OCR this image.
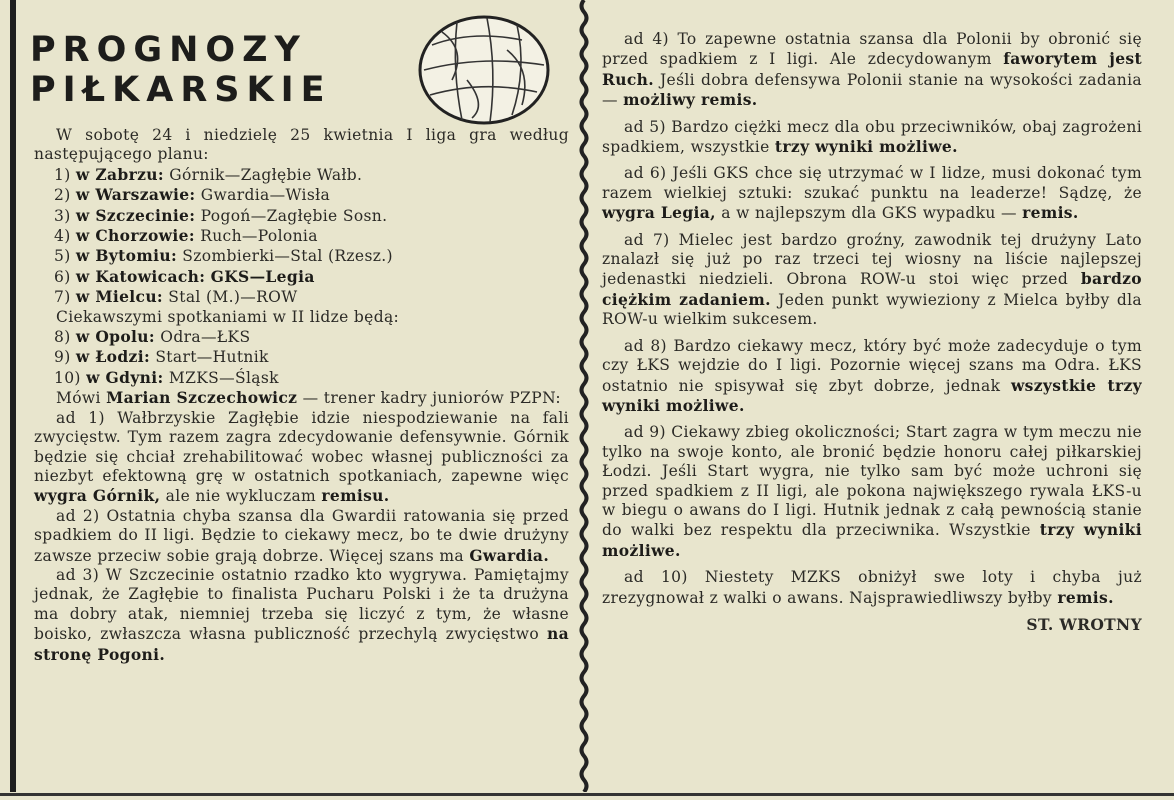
PROGNOZY
PIŁKARSKIE

W sobotę 24 i niedzielę 25 kwietnia I liga gra według następującego planu:

1) w Zabrzu: Górnik—Zagłębie Wałb.
2) w Warszawie: Gwardia—Wisła
3) w Szczecinie: Pogoń—Zagłębie Sosn.
4) w Chorzowie: Ruch—Polonia
5) w Bytomiu: Szombierki—Stal (Rzesz.)
6) w Katowicach: GKS—Legia
7) w Mielcu: Stal (M.)—ROW

Ciekawszymi spotkaniami w II lidze będą:

8) w Opolu: Odra—ŁKS
9) w Łodzi: Start—Hutnik
10) w Gdyni: MZKS—Śląsk

Mówi Marian Szczechowicz — trener kadry juniorów PZPN:

ad 1) Wałbrzyskie Zagłębie idzie niespodziewanie na fali zwycięstw. Tym razem zagra zdecydowanie defensywnie. Górnik będzie się chciał zrehabilitować wobec własnej publiczności za niezbyt efektowną grę w ostatnich spotkaniach, zapewne więc wygra Górnik, ale nie wykluczam remisu.

ad 2) Ostatnia chyba szansa dla Gwardii ratowania się przed spadkiem do II ligi. Będzie to ciekawy mecz, bo te dwie drużyny zawsze przeciw sobie grają dobrze. Więcej szans ma Gwardia.

ad 3) W Szczecinie ostatnio rzadko kto wygrywa. Pamiętajmy jednak, że Zagłębie to finalista Pucharu Polski i że ta drużyna ma dobry atak, niemniej trzeba się liczyć z tym, że własne boisko, zwłaszcza własna publiczność przechylą zwycięstwo na stronę Pogoni.

ad 4) To zapewne ostatnia szansa dla Polonii by obronić się przed spadkiem z I ligi. Ale zdecydowanym faworytem jest Ruch. Jeśli dobra defensywa Polonii stanie na wysokości zadania — możliwy remis.

ad 5) Bardzo ciężki mecz dla obu przeciwników, obaj zagrożeni spadkiem, wszystkie trzy wyniki możliwe.

ad 6) Jeśli GKS chce się utrzymać w I lidze, musi dokonać tym razem wielkiej sztuki: szukać punktu na leaderze! Sądzę, że wygra Legia, a w najlepszym dla GKS wypadku — remis.

ad 7) Mielec jest bardzo groźny, zawodnik tej drużyny Lato znalazł się już po raz trzeci tej wiosny na liście najlepszej jedenastki niedzieli. Obrona ROW-u stoi więc przed bardzo ciężkim zadaniem. Jeden punkt wywieziony z Mielca byłby dla ROW-u wielkim sukcesem.

ad 8) Bardzo ciekawy mecz, który być może zadecyduje o tym czy ŁKS wejdzie do I ligi. Pozornie więcej szans ma Odra. ŁKS ostatnio nie spisywał się zbyt dobrze, jednak wszystkie trzy wyniki możliwe.

ad 9) Ciekawy zbieg okoliczności; Start zagra w tym meczu nie tylko na swoje konto, ale bronić będzie honoru całej piłkarskiej Łodzi. Jeśli Start wygra, nie tylko sam być może uchroni się przed spadkiem z II ligi, ale pokona największego rywala ŁKS-u w biegu o awans do I ligi. Hutnik jednak z całą pewnością stanie do walki bez respektu dla przeciwnika. Wszystkie trzy wyniki możliwe.

ad 10) Niestety MZKS obniżył swe loty i chyba już zrezygnował z walki o awans. Najsprawiedliwszy byłby remis.

ST. WROTNY
